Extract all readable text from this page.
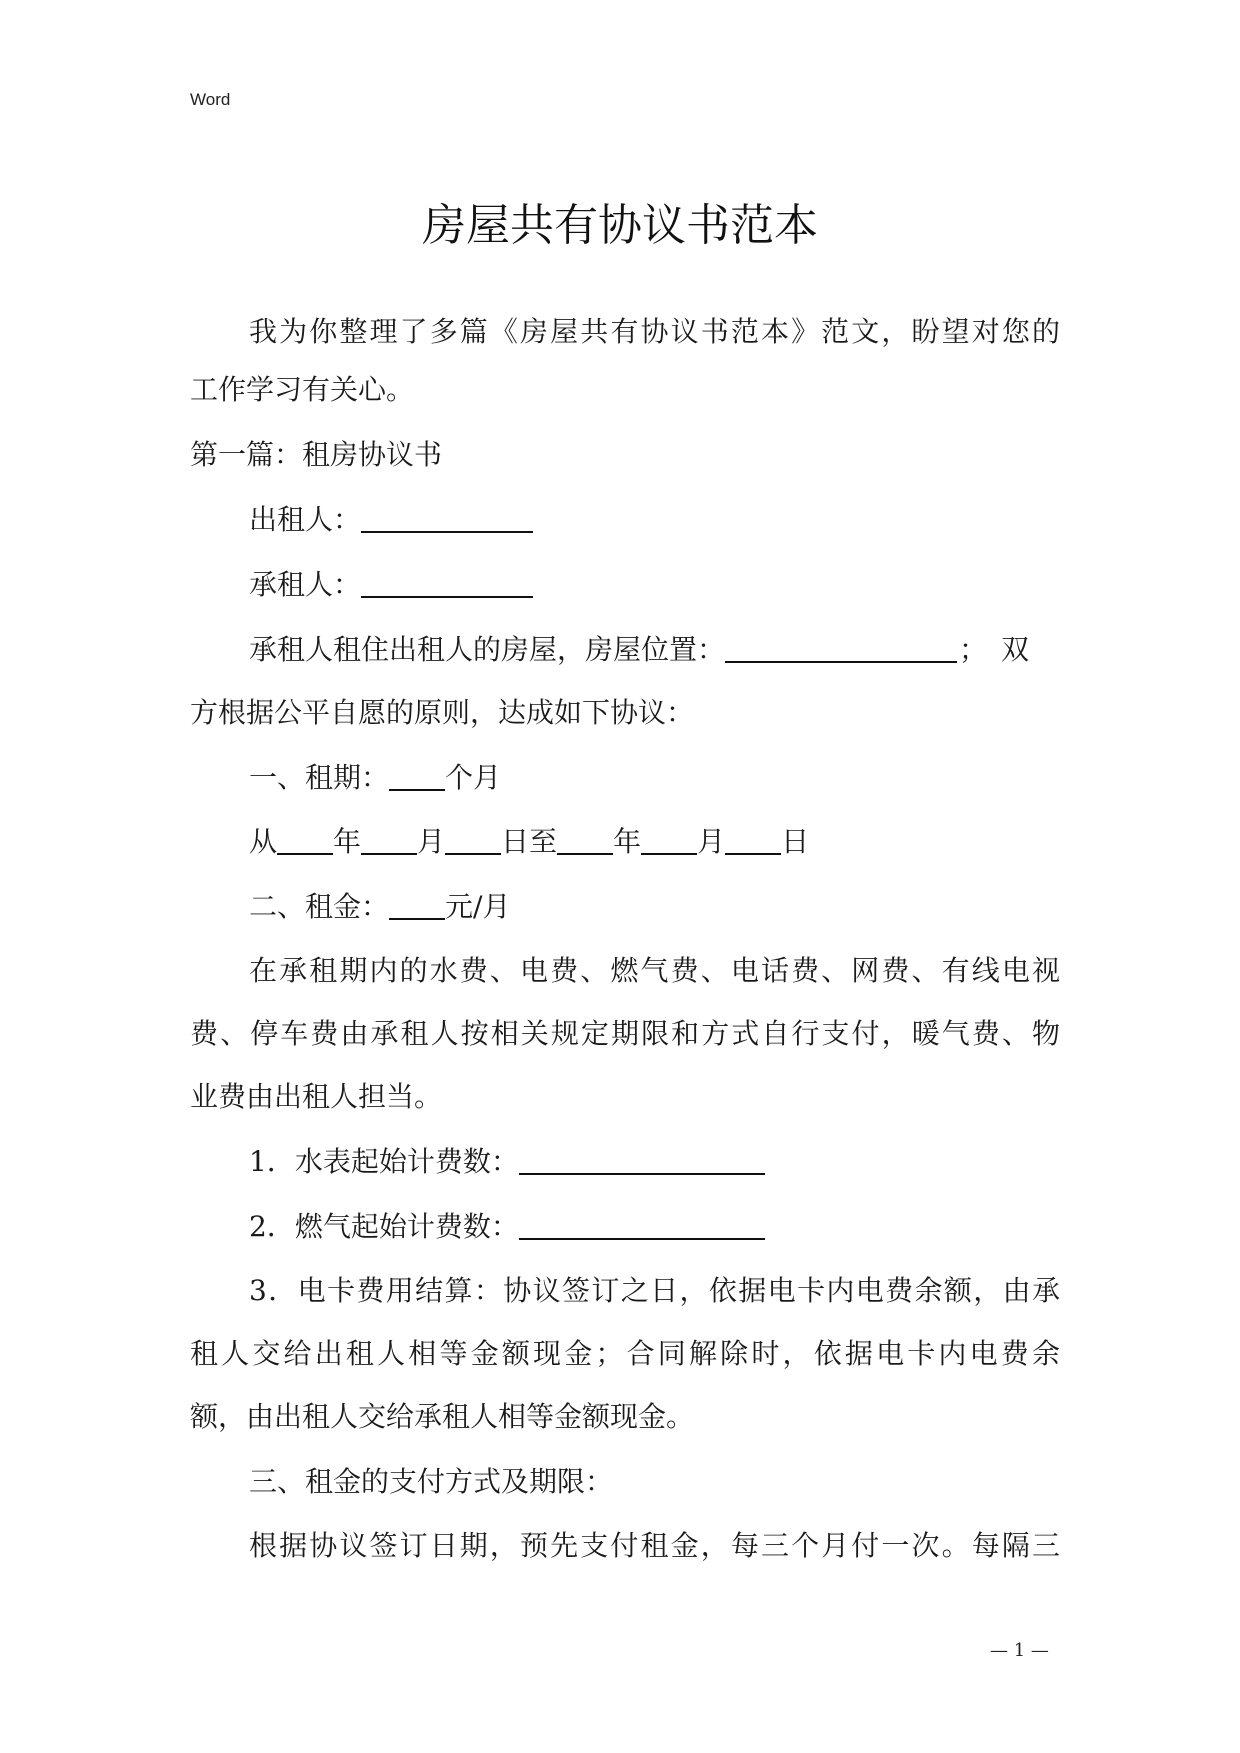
Word
房屋共有协议书范本
我为你整理了多篇《房屋共有协议书范本》范文，盼望对您的
工作学习有关心。
第一篇：租房协议书
出租人：
承租人：
承租人租住出租人的房屋，房屋位置：	；双
方根据公平自愿的原则，达成如下协议：
一、租期： 个月
从 年 月 日至 年 月 日
二、租金： 元/月
在承租期内的水费、电费、燃气费、电话费、网费、有线电视
费、停车费由承租人按相关规定期限和方式自行支付，暖气费、物
业费由出租人担当。
1．水表起始计费数：
2．燃气起始计费数：
3．电卡费用结算：协议签订之日，依据电卡内电费余额，由承
租人交给出租人相等金额现金；合同解除时，依据电卡内电费余
额，由出租人交给承租人相等金额现金。
三、租金的支付方式及期限：
根据协议签订日期，预先支付租金，每三个月付一次。每隔三
— 1 —
